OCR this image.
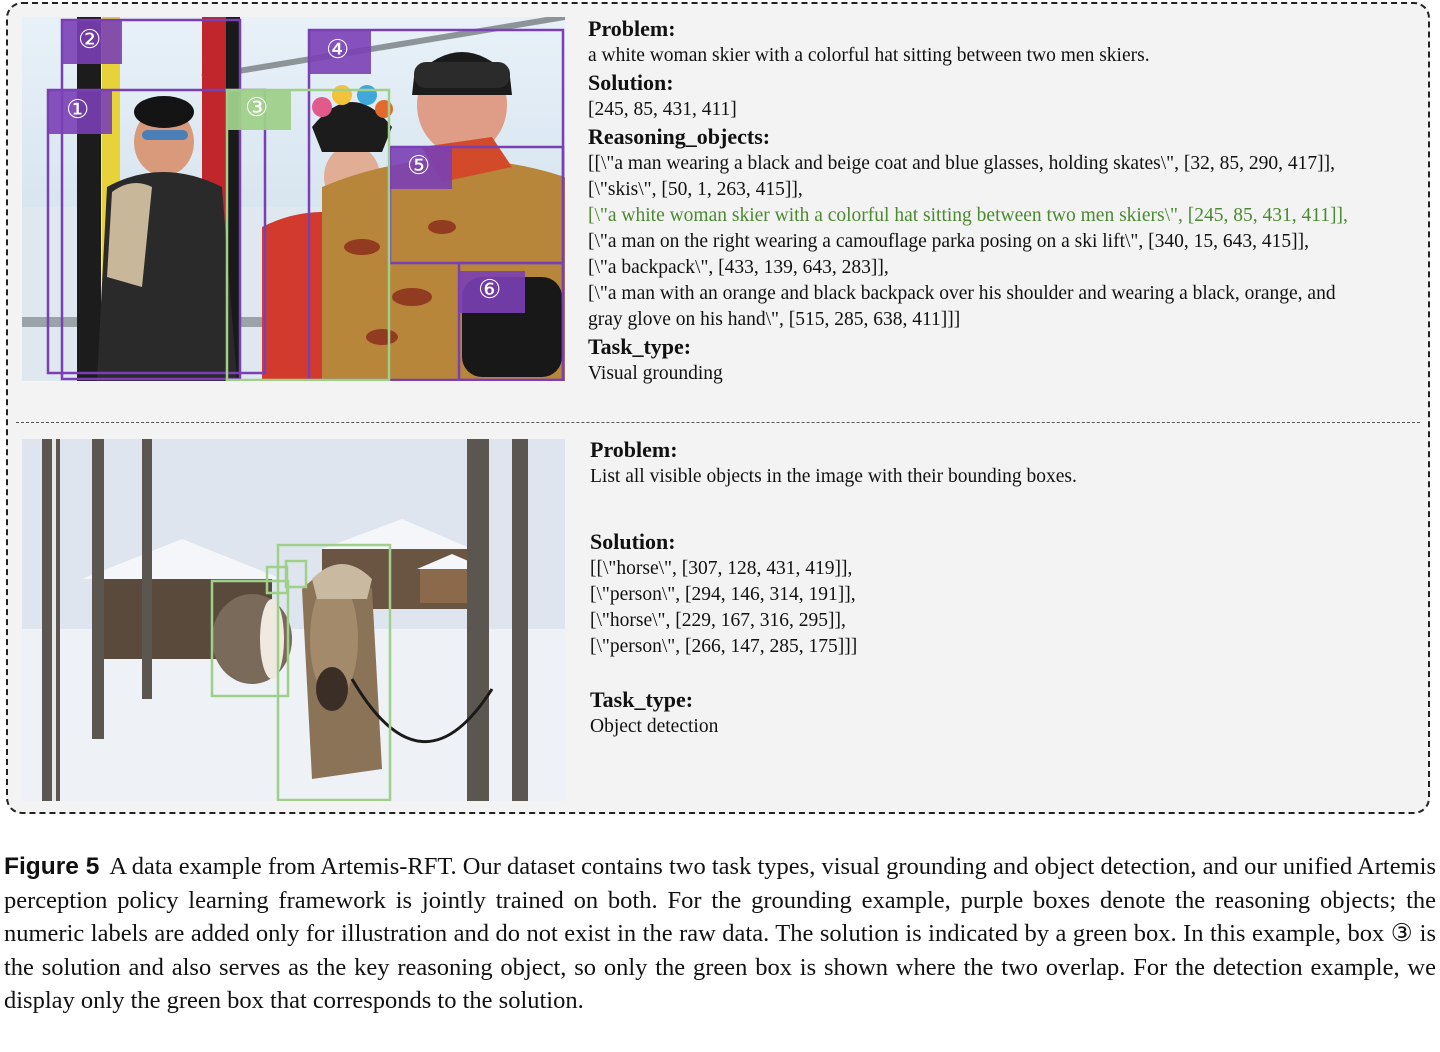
①
②
③
④
⑤
⑥
Problem:
a white woman skier with a colorful hat sitting between two men skiers.
Solution:
[245, 85, 431, 411]
Reasoning_objects:
[[\"a man wearing a black and beige coat and blue glasses, holding skates\", [32, 85, 290, 417]],
[\"skis\", [50, 1, 263, 415]],
[\"a white woman skier with a colorful hat sitting between two men skiers\", [245, 85, 431, 411]],
[\"a man on the right wearing a camouflage parka posing on a ski lift\", [340, 15, 643, 415]],
[\"a backpack\", [433, 139, 643, 283]],
[\"a man with an orange and black backpack over his shoulder and wearing a black, orange, and
gray glove on his hand\", [515, 285, 638, 411]]]
Task_type:
Visual grounding
Problem:
List all visible objects in the image with their bounding boxes.
Solution:
[[\"horse\", [307, 128, 431, 419]],
[\"person\", [294, 146, 314, 191]],
[\"horse\", [229, 167, 316, 295]],
[\"person\", [266, 147, 285, 175]]]
Task_type:
Object detection
Figure 5 A data example from Artemis-RFT. Our dataset contains two task types, visual grounding and object detection, and our unified Artemis perception policy learning framework is jointly trained on both. For the grounding example, purple boxes denote the reasoning objects; the numeric labels are added only for illustration and do not exist in the raw data. The solution is indicated by a green box. In this example, box ③ is the solution and also serves as the key reasoning object, so only the green box is shown where the two overlap. For the detection example, we display only the green box that corresponds to the solution.
